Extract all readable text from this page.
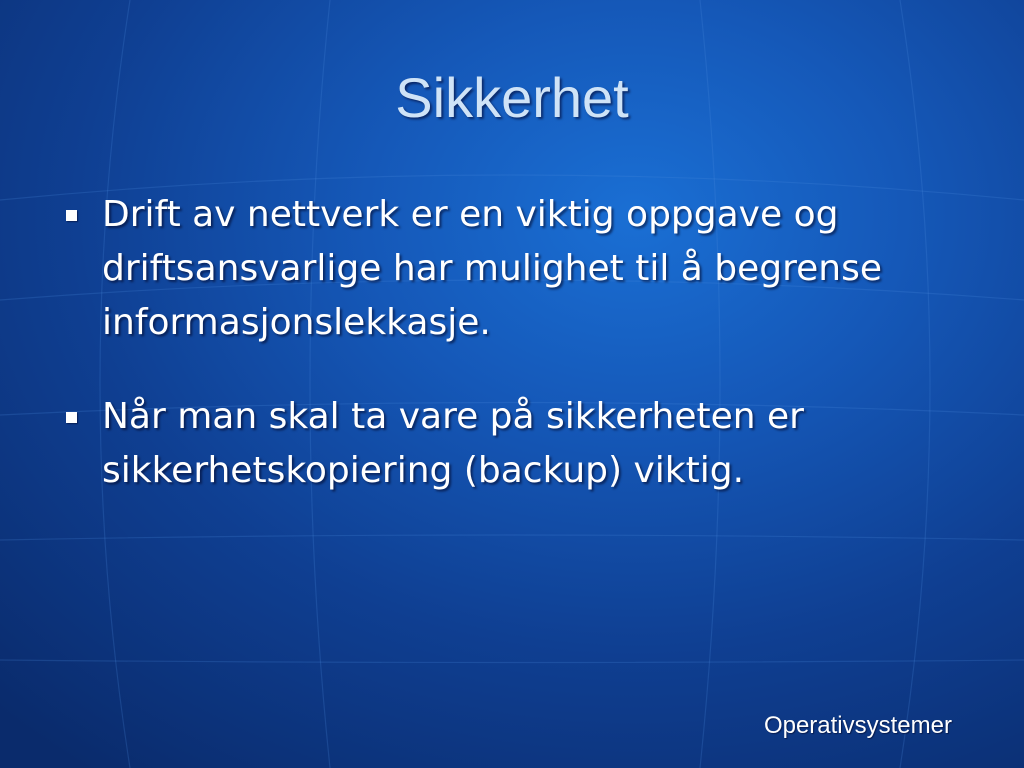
Sikkerhet
Drift av nettverk er en viktig oppgave og driftsansvarlige har mulighet til å begrense informasjonslekkasje.
Når man skal ta vare på sikkerheten er sikkerhetskopiering (backup) viktig.
Operativsystemer
